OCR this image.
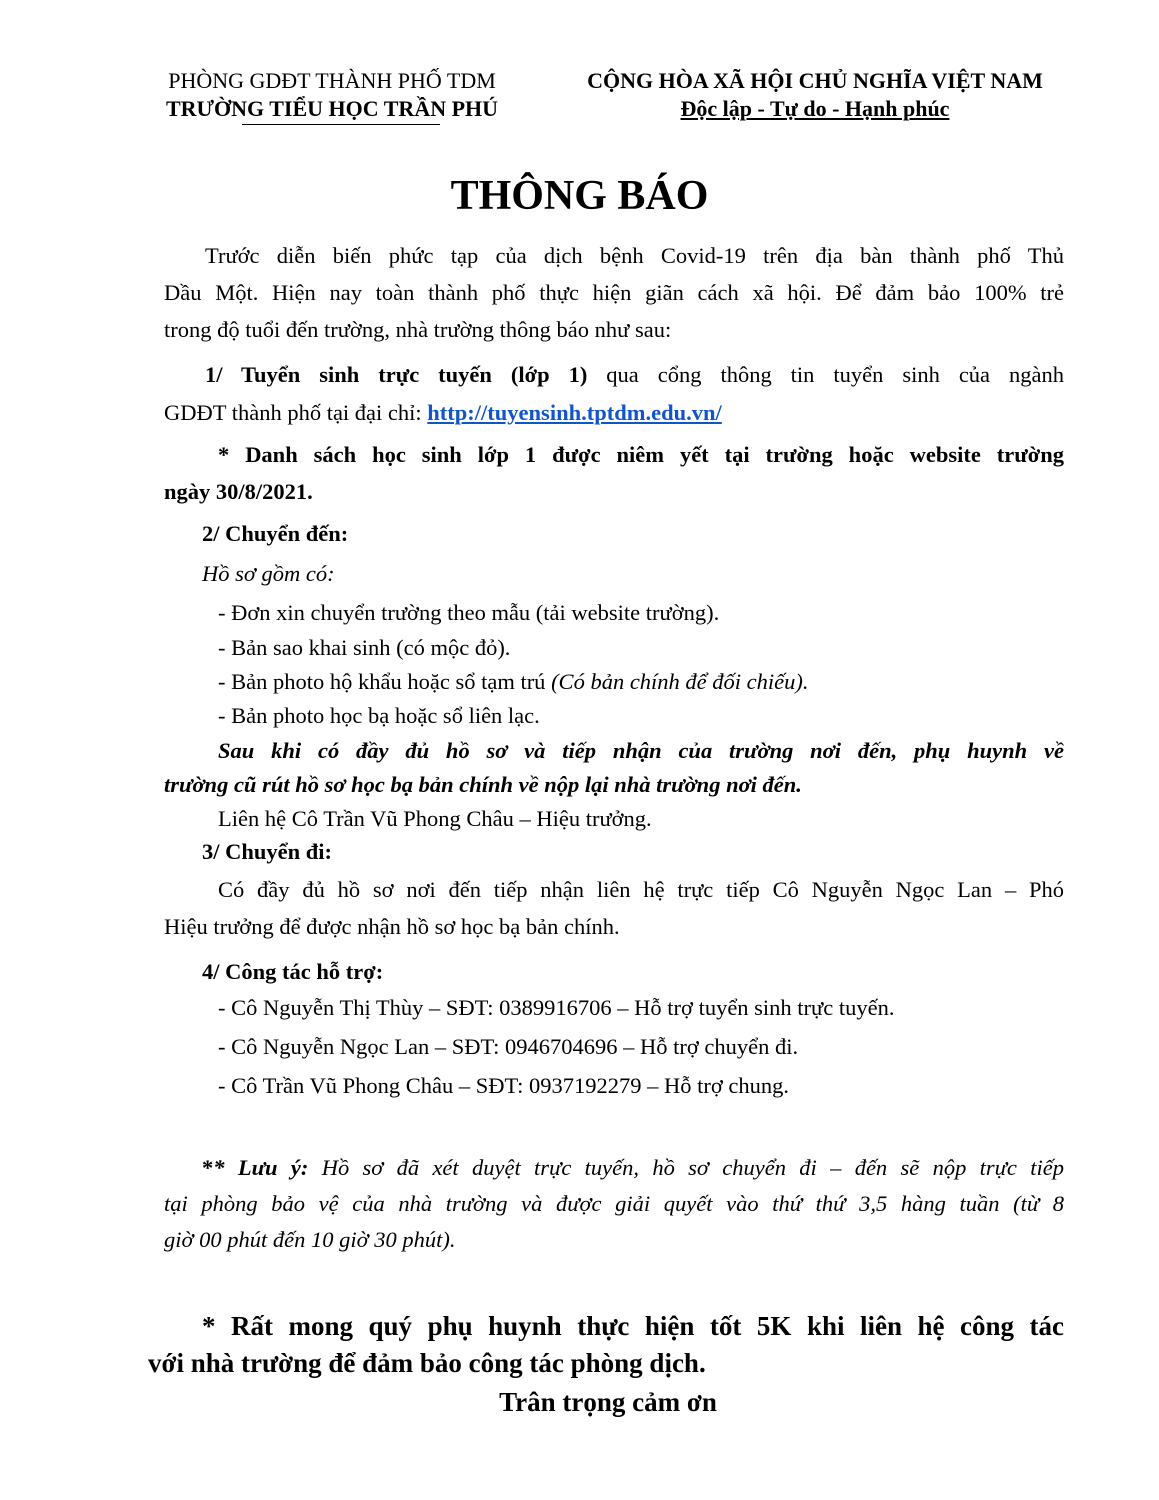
PHÒNG GDĐT THÀNH PHỐ TDM
TRƯỜNG TIỂU HỌC TRẦN PHÚ
CỘNG HÒA XÃ HỘI CHỦ NGHĨA VIỆT NAM
Độc lập - Tự do - Hạnh phúc
THÔNG BÁO
Trước diễn biến phức tạp của dịch bệnh Covid-19 trên địa bàn thành phố Thủ
Dầu Một. Hiện nay toàn thành phố thực hiện giãn cách xã hội. Để đảm bảo 100% trẻ
trong độ tuổi đến trường, nhà trường thông báo như sau:
1/ Tuyển sinh trực tuyến (lớp 1) qua cổng thông tin tuyển sinh của ngành
GDĐT thành phố tại đại chỉ: http://tuyensinh.tptdm.edu.vn/
* Danh sách học sinh lớp 1 được niêm yết tại trường hoặc website trường
ngày 30/8/2021.
2/ Chuyển đến:
Hồ sơ gồm có:
- Đơn xin chuyển trường theo mẫu (tải website trường).
- Bản sao khai sinh (có mộc đỏ).
- Bản photo hộ khẩu hoặc sổ tạm trú (Có bản chính để đối chiếu).
- Bản photo học bạ hoặc sổ liên lạc.
Sau khi có đầy đủ hồ sơ và tiếp nhận của trường nơi đến, phụ huynh về
trường cũ rút hồ sơ học bạ bản chính về nộp lại nhà trường nơi đến.
Liên hệ Cô Trần Vũ Phong Châu – Hiệu trưởng.
3/ Chuyển đi:
Có đầy đủ hồ sơ nơi đến tiếp nhận liên hệ trực tiếp Cô Nguyễn Ngọc Lan – Phó
Hiệu trưởng để được nhận hồ sơ học bạ bản chính.
4/ Công tác hỗ trợ:
- Cô Nguyễn Thị Thùy – SĐT: 0389916706 – Hỗ trợ tuyển sinh trực tuyến.
- Cô Nguyễn Ngọc Lan – SĐT: 0946704696 – Hỗ trợ chuyển đi.
- Cô Trần Vũ Phong Châu – SĐT: 0937192279 – Hỗ trợ chung.
** Lưu ý: Hồ sơ đã xét duyệt trực tuyến, hồ sơ chuyển đi – đến sẽ nộp trực tiếp
tại phòng bảo vệ của nhà trường và được giải quyết vào thứ thứ 3,5 hàng tuần (từ 8
giờ 00 phút đến 10 giờ 30 phút).
* Rất mong quý phụ huynh thực hiện tốt 5K khi liên hệ công tác
với nhà trường để đảm bảo công tác phòng dịch.
Trân trọng cảm ơn
